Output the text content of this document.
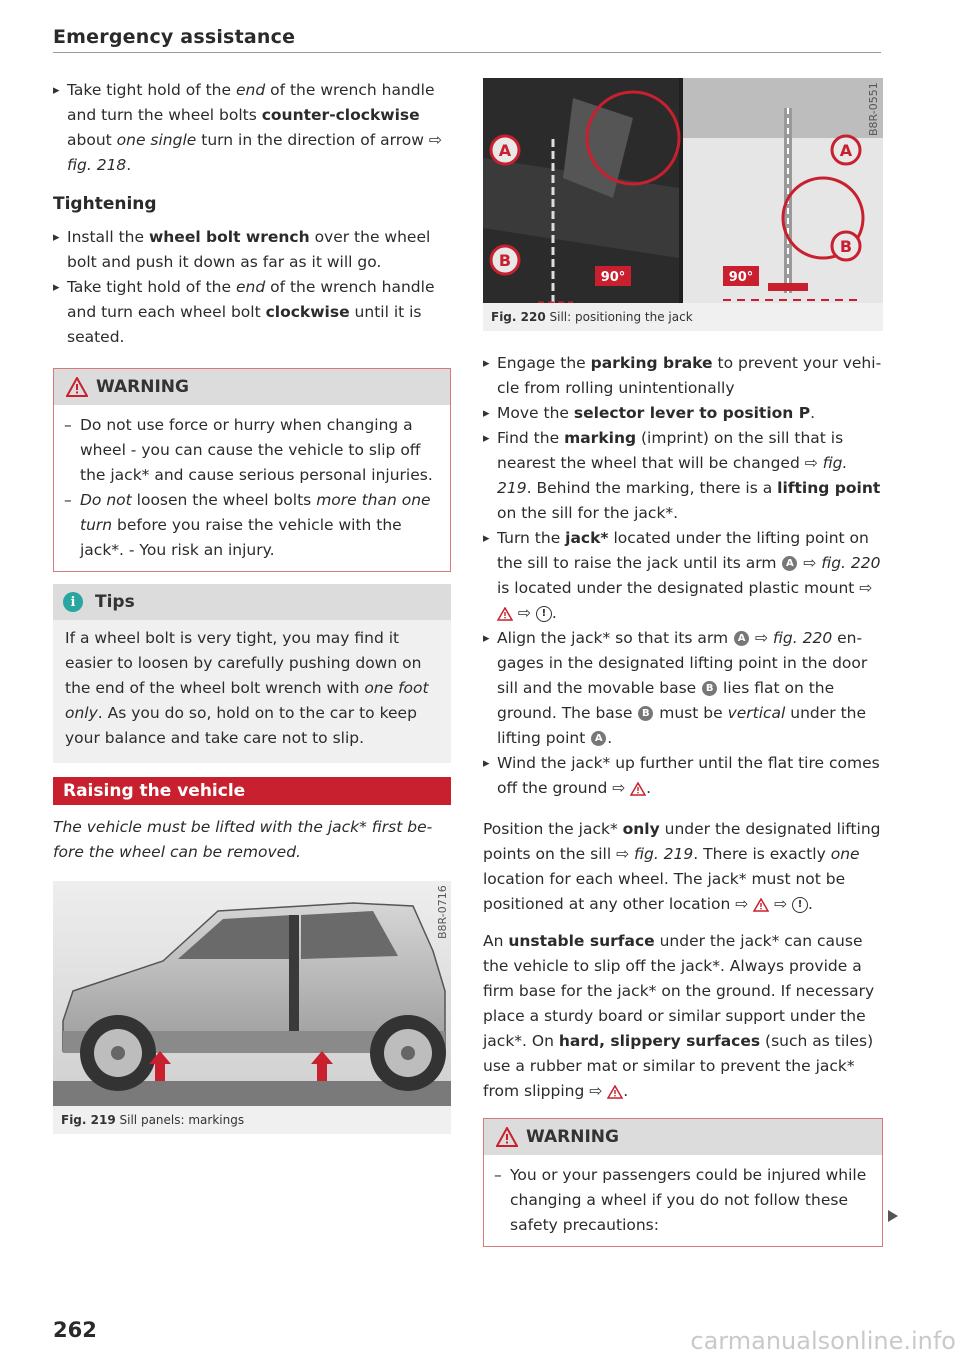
Emergency assistance

▸ Take tight hold of the end of the wrench handle and turn the wheel bolts counter-clockwise about one single turn in the direction of arrow ⇨ fig. 218.

Tightening

▸ Install the wheel bolt wrench over the wheel bolt and push it down as far as it will go.

▸ Take tight hold of the end of the wrench handle and turn each wheel bolt clockwise until it is seated.

WARNING

– Do not use force or hurry when changing a wheel - you can cause the vehicle to slip off the jack* and cause serious personal injuries.

– Do not loosen the wheel bolts more than one turn before you raise the vehicle with the jack*. - You risk an injury.

i	Tips

If a wheel bolt is very tight, you may find it easier to loosen by carefully pushing down on the end of the wheel bolt wrench with one foot only. As you do so, hold on to the car to keep your balance and take care not to slip.

Raising the vehicle

The vehicle must be lifted with the jack* first before the wheel can be removed.

B8R-0716
Fig. 219 Sill panels: markings
A
B
90°
A
B
90°
B8R-0551
Fig. 220 Sill: positioning the jack

▸ Engage the parking brake to prevent your vehicle from rolling unintentionally

▸ Move the selector lever to position P.

▸ Find the marking (imprint) on the sill that is nearest the wheel that will be changed ⇨ fig. 219. Behind the marking, there is a lifting point on the sill for the jack*.

▸ Turn the jack* located under the lifting point on the sill to raise the jack until its arm A ⇨ fig. 220 is located under the designated plastic mount ⇨  ⇨ ! .

▸ Align the jack* so that its arm A ⇨ fig. 220 engages in the designated lifting point in the door sill and the movable base B lies flat on the ground. The base B must be vertical under the lifting point A .

▸ Wind the jack* up further until the flat tire comes off the ground ⇨ .

Position the jack* only under the designated lifting points on the sill ⇨ fig. 219. There is exactly one location for each wheel. The jack* must not be positioned at any other location ⇨  ⇨ ! .

An unstable surface under the jack* can cause the vehicle to slip off the jack*. Always provide a firm base for the jack* on the ground. If necessary place a sturdy board or similar support under the jack*. On hard, slippery surfaces (such as tiles) use a rubber mat or similar to prevent the jack* from slipping ⇨ .

WARNING

– You or your passengers could be injured while changing a wheel if you do not follow these safety precautions:

262	carmanualsonline.info
